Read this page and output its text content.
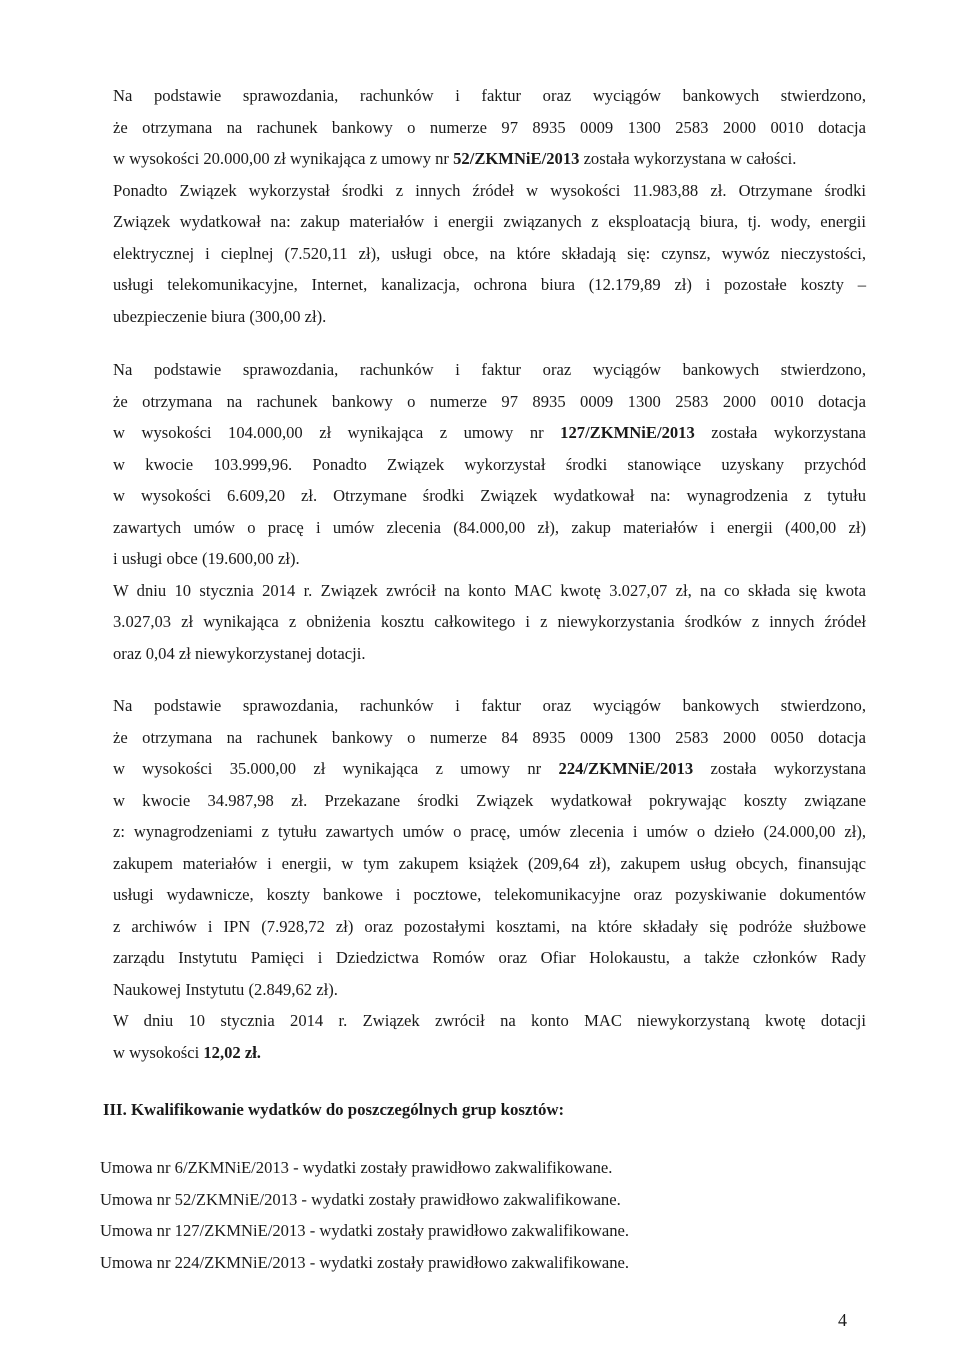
Na podstawie sprawozdania, rachunków i faktur oraz wyciągów bankowych stwierdzono,
że otrzymana na rachunek bankowy o numerze 97 8935 0009 1300 2583 2000 0010 dotacja
w wysokości 20.000,00 zł wynikająca z umowy nr 52/ZKMNiE/2013 została wykorzystana w całości.
Ponadto Związek wykorzystał środki z innych źródeł w wysokości 11.983,88 zł. Otrzymane środki
Związek wydatkował na: zakup materiałów i energii związanych z eksploatacją biura, tj. wody, energii
elektrycznej i cieplnej (7.520,11 zł), usługi obce, na które składają się: czynsz, wywóz nieczystości,
usługi telekomunikacyjne, Internet, kanalizacja, ochrona biura (12.179,89 zł) i pozostałe koszty –
ubezpieczenie biura (300,00 zł).
Na podstawie sprawozdania, rachunków i faktur oraz wyciągów bankowych stwierdzono,
że otrzymana na rachunek bankowy o numerze 97 8935 0009 1300 2583 2000 0010 dotacja
w wysokości 104.000,00 zł wynikająca z umowy nr 127/ZKMNiE/2013 została wykorzystana
w kwocie 103.999,96. Ponadto Związek wykorzystał środki stanowiące uzyskany przychód
w wysokości 6.609,20 zł. Otrzymane środki Związek wydatkował na: wynagrodzenia z tytułu
zawartych umów o pracę i umów zlecenia (84.000,00 zł), zakup materiałów i energii (400,00 zł)
i usługi obce (19.600,00 zł).
W dniu 10 stycznia 2014 r. Związek zwrócił na konto MAC kwotę 3.027,07 zł, na co składa się kwota
3.027,03 zł wynikająca z obniżenia kosztu całkowitego i z niewykorzystania środków z innych źródeł
oraz 0,04 zł niewykorzystanej dotacji.
Na podstawie sprawozdania, rachunków i faktur oraz wyciągów bankowych stwierdzono,
że otrzymana na rachunek bankowy o numerze 84 8935 0009 1300 2583 2000 0050 dotacja
w wysokości 35.000,00 zł wynikająca z umowy nr 224/ZKMNiE/2013 została wykorzystana
w kwocie 34.987,98 zł. Przekazane środki Związek wydatkował pokrywając koszty związane
z: wynagrodzeniami z tytułu zawartych umów o pracę, umów zlecenia i umów o dzieło (24.000,00 zł),
zakupem materiałów i energii, w tym zakupem książek (209,64 zł), zakupem usług obcych, finansując
usługi wydawnicze, koszty bankowe i pocztowe, telekomunikacyjne oraz pozyskiwanie dokumentów
z archiwów i IPN (7.928,72 zł) oraz pozostałymi kosztami, na które składały się podróże służbowe
zarządu Instytutu Pamięci i Dziedzictwa Romów oraz Ofiar Holokaustu, a także członków Rady
Naukowej Instytutu (2.849,62 zł).
W dniu 10 stycznia 2014 r. Związek zwrócił na konto MAC niewykorzystaną kwotę dotacji
w wysokości 12,02 zł.
III. Kwalifikowanie wydatków do poszczególnych grup kosztów:
Umowa nr 6/ZKMNiE/2013 - wydatki zostały prawidłowo zakwalifikowane.
Umowa nr 52/ZKMNiE/2013 - wydatki zostały prawidłowo zakwalifikowane.
Umowa nr 127/ZKMNiE/2013 - wydatki zostały prawidłowo zakwalifikowane.
Umowa nr 224/ZKMNiE/2013 - wydatki zostały prawidłowo zakwalifikowane.
4
